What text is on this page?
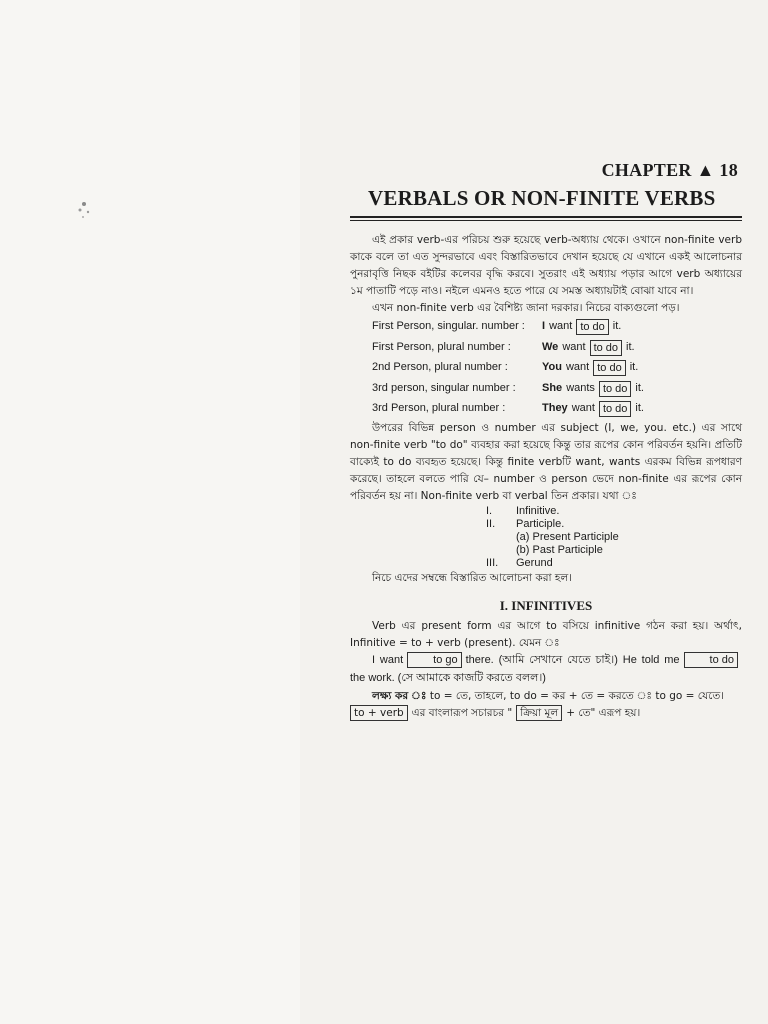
CHAPTER ▲ 18
VERBALS OR NON-FINITE VERBS

এই প্রকার verb-এর পরিচয় শুরু হয়েছে verb-অধ্যায় থেকে। ওখানে non-finite verb কাকে বলে তা এত সুন্দরভাবে এবং বিস্তারিতভাবে দেখান হয়েছে যে এখানে একই আলোচনার পুনরাবৃত্তি নিছক বইটির কলেবর বৃদ্ধি করবে। সুতরাং এই অধ্যায় পড়ার আগে verb অধ্যায়ের ১ম পাতাটি পড়ে নাও। নইলে এমনও হতে পারে যে সমস্ত অধ্যায়টাই বোঝা যাবে না।

এখন non-finite verb এর বৈশিষ্ট্য জানা দরকার। নিচের বাক্যগুলো পড়।

First Person, singular. number :	I want to do it.
First Person, plural number :	We want to do it.
2nd Person, plural number :	You want to do it.
3rd person, singular number :	She wants to do it.
3rd Person, plural number :	They want to do it.

উপরের বিভিন্ন person ও number এর subject (I, we, you. etc.) এর সাথে non-finite verb "to do" ব্যবহার করা হয়েছে কিন্তু তার রূপের কোন পরিবর্তন হয়নি। প্রতিটি বাক্যেই to do ব্যবহৃত হয়েছে। কিন্তু finite verbটি want, wants এরকম বিভিন্ন রূপধারণ করেছে। তাহলে বলতে পারি যে– number ও person ভেদে non-finite এর রূপের কোন পরিবর্তন হয় না। Non-finite verb বা verbal তিন প্রকার। যথা ঃ

I.	Infinitive.
II.	Participle.
(a) Present Participle
(b) Past Participle
III.	Gerund

নিচে এদের সম্বন্ধে বিস্তারিত আলোচনা করা হল।

I. INFINITIVES

Verb এর present form এর আগে to বসিয়ে infinitive গঠন করা হয়। অর্থাৎ, Infinitive = to + verb (present). যেমন ঃ

I want	to go there. (আমি সেখানে যেতে চাই।) He told me	to dothe work. (সে আমাকে কাজটি করতে বলল।)

লক্ষ্য কর ঃ to = তে, তাহলে, to do = কর + তে = করতে ঃ to go = যেতে।

to + verb এর বাংলারূপ সচারচর " ক্রিয়া মূল + তে" এরূপ হয়।
